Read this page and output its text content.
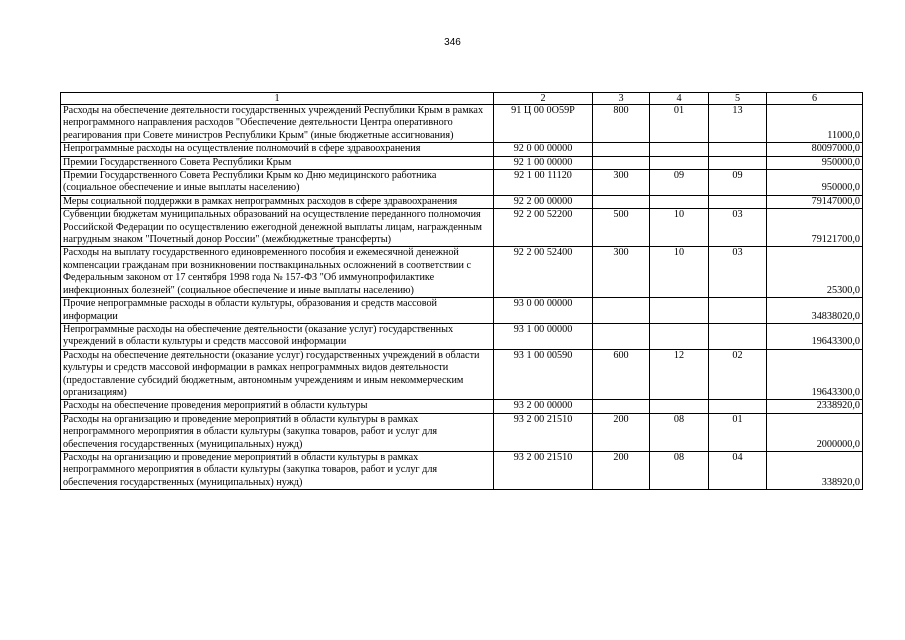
346
1	2	3	4	5	6
Расходы на обеспечение деятельности государственных учреждений Республики Крым в рамках непрограммного направления расходов "Обеспечение деятельности Центра оперативного реагирования при Совете министров Республики Крым" (иные бюджетные ассигнования)	91 Ц 00 0О59Р	800	01	13	11000,0
Непрограммные расходы на осуществление полномочий в сфере здравоохранения	92 0 00 00000				80097000,0
Премии Государственного Совета Республики Крым	92 1 00 00000				950000,0
Премии Государственного Совета Республики Крым ко Дню медицинского работника (социальное обеспечение и иные выплаты населению)	92 1 00 11120	300	09	09	950000,0
Меры социальной поддержки в рамках непрограммных расходов в сфере здравоохранения	92 2 00 00000				79147000,0
Субвенции бюджетам муниципальных образований на осуществление переданного полномочия Российской Федерации по осуществлению ежегодной денежной выплаты лицам, награжденным нагрудным знаком "Почетный донор России" (межбюджетные трансферты)	92 2 00 52200	500	10	03	79121700,0
Расходы на выплату государственного единовременного пособия и ежемесячной денежной компенсации гражданам при возникновении поствакцинальных осложнений в соответствии с Федеральным законом от 17 сентября 1998 года № 157-ФЗ "Об иммунопрофилактике инфекционных болезней" (социальное обеспечение и иные выплаты населению)	92 2 00 52400	300	10	03	25300,0
Прочие непрограммные расходы в области культуры, образования и средств массовой информации	93 0 00 00000				34838020,0
Непрограммные расходы на обеспечение деятельности (оказание услуг) государственных учреждений в области культуры и средств массовой информации	93 1 00 00000				19643300,0
Расходы на обеспечение деятельности (оказание услуг) государственных учреждений в области культуры и средств массовой информации в рамках непрограммных видов деятельности (предоставление субсидий бюджетным, автономным учреждениям и иным некоммерческим организациям)	93 1 00 00590	600	12	02	19643300,0
Расходы на обеспечение проведения мероприятий в области культуры	93 2 00 00000				2338920,0
Расходы на организацию и проведение мероприятий в области культуры в рамках непрограммного мероприятия в области культуры (закупка товаров, работ и услуг для обеспечения государственных (муниципальных) нужд)	93 2 00 21510	200	08	01	2000000,0
Расходы на организацию и проведение мероприятий в области культуры в рамках непрограммного мероприятия в области культуры (закупка товаров, работ и услуг для обеспечения государственных (муниципальных) нужд)	93 2 00 21510	200	08	04	338920,0
